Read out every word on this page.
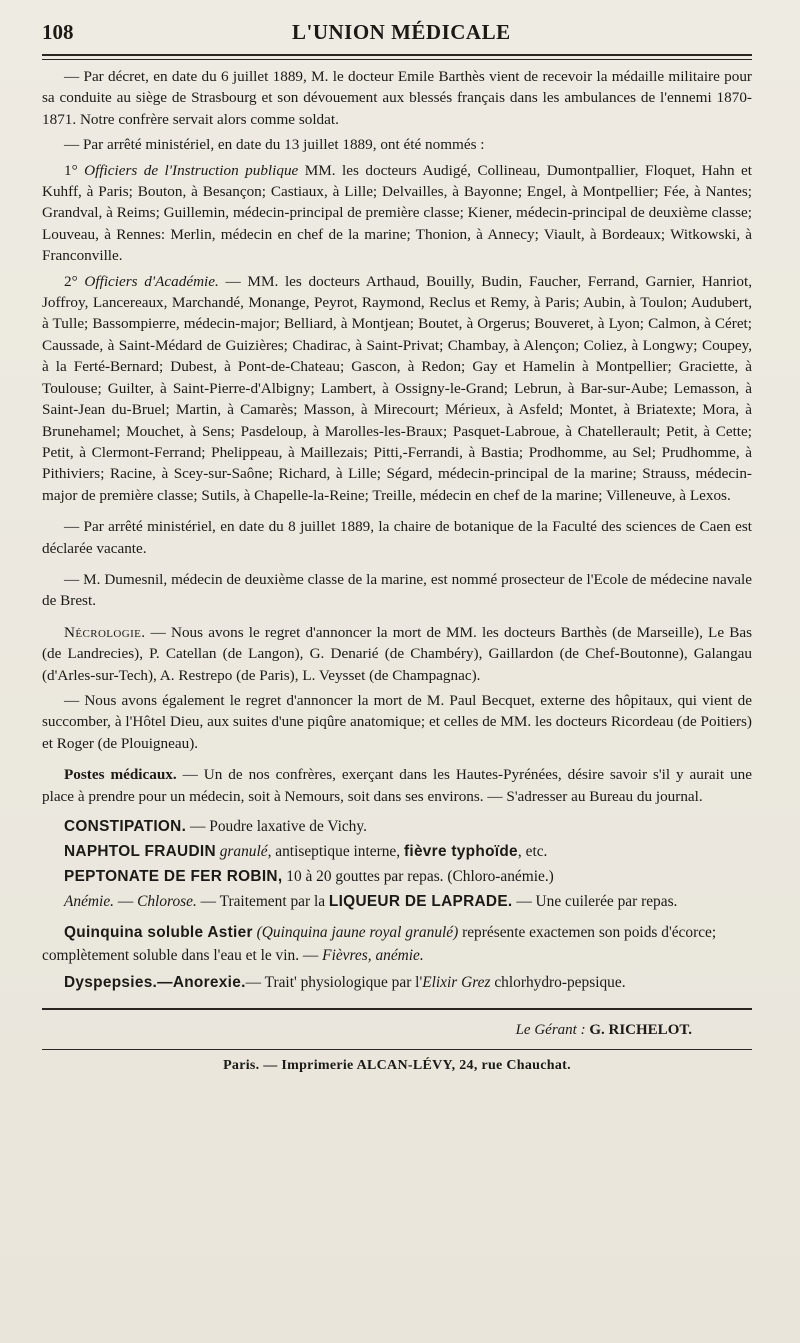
108	L'UNION MÉDICALE

— Par décret, en date du 6 juillet 1889, M. le docteur Emile Barthès vient de recevoir la médaille militaire pour sa conduite au siège de Strasbourg et son dévouement aux blessés français dans les ambulances de l'ennemi 1870-1871. Notre confrère servait alors comme soldat.

— Par arrêté ministériel, en date du 13 juillet 1889, ont été nommés :

1° Officiers de l'Instruction publique MM. les docteurs Audigé, Collineau, Dumontpallier, Floquet, Hahn et Kuhff, à Paris; Bouton, à Besançon; Castiaux, à Lille; Delvailles, à Bayonne; Engel, à Montpellier; Fée, à Nantes; Grandval, à Reims; Guillemin, médecin-principal de première classe; Kiener, médecin-principal de deuxième classe; Louveau, à Rennes: Merlin, médecin en chef de la marine; Thonion, à Annecy; Viault, à Bordeaux; Witkowski, à Franconville.

2° Officiers d'Académie. — MM. les docteurs Arthaud, Bouilly, Budin, Faucher, Ferrand, Garnier, Hanriot, Joffroy, Lancereaux, Marchandé, Monange, Peyrot, Raymond, Reclus et Remy, à Paris; Aubin, à Toulon; Audubert, à Tulle; Bassompierre, médecin-major; Belliard, à Montjean; Boutet, à Orgerus; Bouveret, à Lyon; Calmon, à Céret; Caussade, à Saint-Médard de Guizières; Chadirac, à Saint-Privat; Chambay, à Alençon; Coliez, à Longwy; Coupey, à la Ferté-Bernard; Dubest, à Pont-de-Chateau; Gascon, à Redon; Gay et Hamelin à Montpellier; Graciette, à Toulouse; Guilter, à Saint-Pierre-d'Albigny; Lambert, à Ossigny-le-Grand; Lebrun, à Bar-sur-Aube; Lemasson, à Saint-Jean du-Bruel; Martin, à Camarès; Masson, à Mirecourt; Mérieux, à Asfeld; Montet, à Briatexte; Mora, à Brunehamel; Mouchet, à Sens; Pasdeloup, à Marolles-les-Braux; Pasquet-Labroue, à Chatellerault; Petit, à Cette; Petit, à Clermont-Ferrand; Phelippeau, à Maillezais; Pitti,-Ferrandi, à Bastia; Prodhomme, au Sel; Prudhomme, à Pithiviers; Racine, à Scey-sur-Saône; Richard, à Lille; Ségard, médecin-principal de la marine; Strauss, médecin-major de première classe; Sutils, à Chapelle-la-Reine; Treille, médecin en chef de la marine; Villeneuve, à Lexos.

— Par arrêté ministériel, en date du 8 juillet 1889, la chaire de botanique de la Faculté des sciences de Caen est déclarée vacante.

— M. Dumesnil, médecin de deuxième classe de la marine, est nommé prosecteur de l'Ecole de médecine navale de Brest.

Nécrologie. — Nous avons le regret d'annoncer la mort de MM. les docteurs Barthès (de Marseille), Le Bas (de Landrecies), P. Catellan (de Langon), G. Denarié (de Chambéry), Gaillardon (de Chef-Boutonne), Galangau (d'Arles-sur-Tech), A. Restrepo (de Paris), L. Veysset (de Champagnac).

— Nous avons également le regret d'annoncer la mort de M. Paul Becquet, externe des hôpitaux, qui vient de succomber, à l'Hôtel Dieu, aux suites d'une piqûre anatomique; et celles de MM. les docteurs Ricordeau (de Poitiers) et Roger (de Plouigneau).

Postes médicaux. — Un de nos confrères, exerçant dans les Hautes-Pyrénées, désire savoir s'il y aurait une place à prendre pour un médecin, soit à Nemours, soit dans ses environs. — S'adresser au Bureau du journal.

CONSTIPATION. — Poudre laxative de Vichy.
NAPHTOL FRAUDIN granulé, antiseptique interne, fièvre typhoïde, etc.
PEPTONATE DE FER ROBIN, 10 à 20 gouttes par repas. (Chloro-anémie.)
Anémie. — Chlorose. — Traitement par la LIQUEUR DE LAPRADE. — Une cuilerée par repas.
Quinquina soluble Astier (Quinquina jaune royal granulé) représente exactemen son poids d'écorce; complètement soluble dans l'eau et le vin. — Fièvres, anémie.
Dyspepsies.—Anorexie.— Trait' physiologique par l'Elixir Grez chlorhydro-pepsique.
Le Gérant : G. RICHELOT.
Paris. — Imprimerie ALCAN-LÉVY, 24, rue Chauchat.
